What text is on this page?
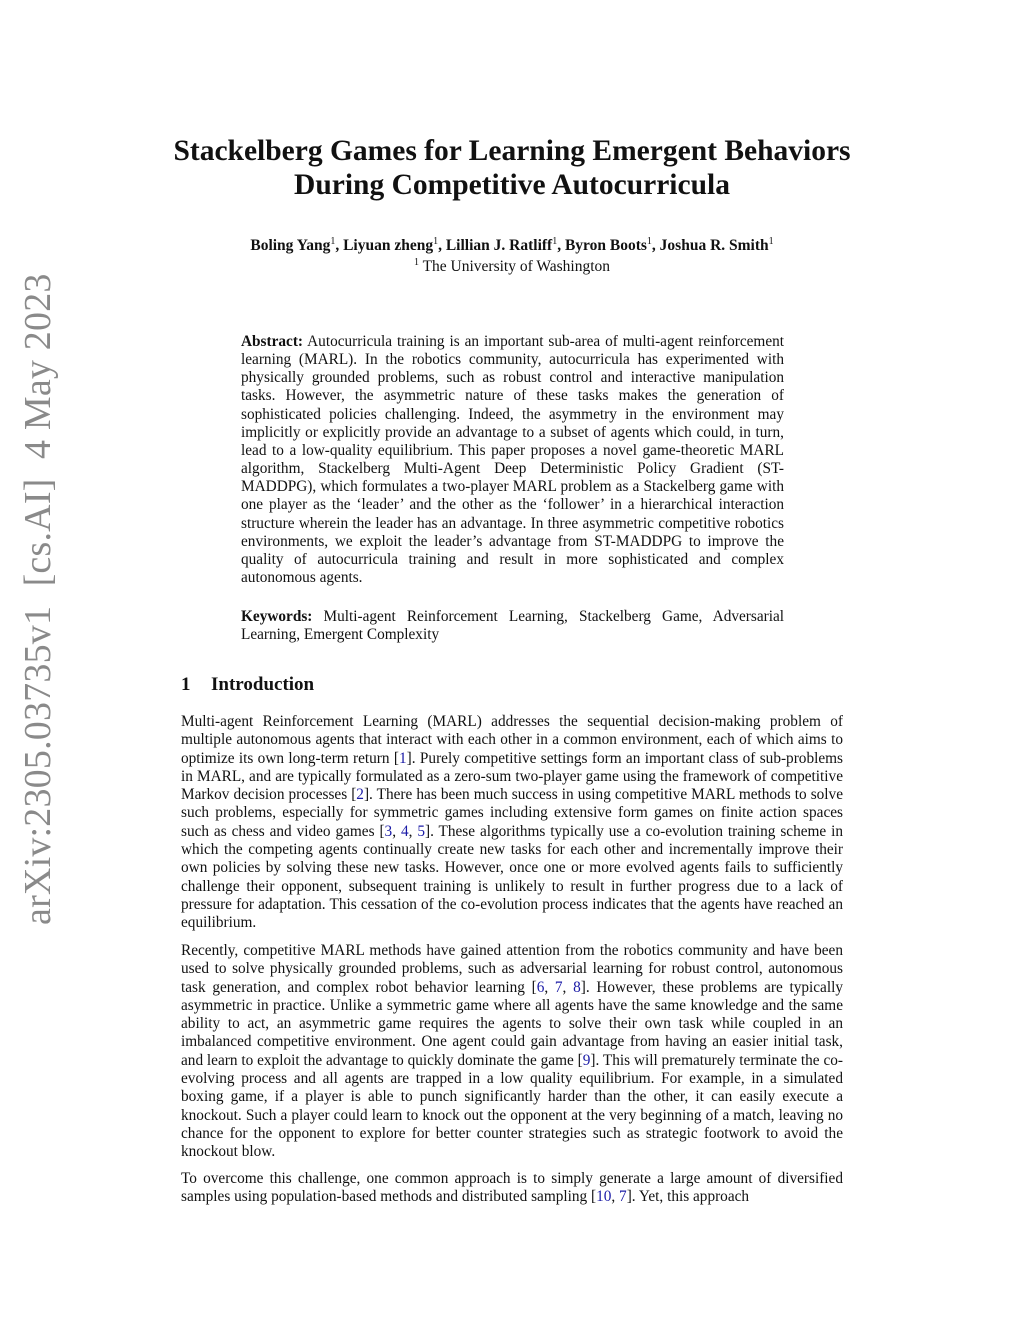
arXiv:2305.03735v1  [cs.AI]  4 May 2023
Stackelberg Games for Learning Emergent Behaviors
During Competitive Autocurricula
Boling Yang$^1$, Liyuan zheng$^1$, Lillian J. Ratliff$^1$, Byron Boots$^1$, Joshua R. Smith$^1$
$^1$ The University of Washington
Abstract: Autocurricula training is an important sub-area of multi-agent reinforcement learning (MARL). In the robotics community, autocurricula has experimented with physically grounded problems, such as robust control and interactive manipulation tasks. However, the asymmetric nature of these tasks makes the generation of sophisticated policies challenging. Indeed, the asymmetry in the environment may implicitly or explicitly provide an advantage to a subset of agents which could, in turn, lead to a low-quality equilibrium. This paper proposes a novel game-theoretic MARL algorithm, Stackelberg Multi-Agent Deep Deterministic Policy Gradient (ST-MADDPG), which formulates a two-player MARL problem as a Stackelberg game with one player as the ‘leader’ and the other as the ‘follower’ in a hierarchical interaction structure wherein the leader has an advantage. In three asymmetric competitive robotics environments, we exploit the leader’s advantage from ST-MADDPG to improve the quality of autocurricula training and result in more sophisticated and complex autonomous agents.
Keywords: Multi-agent Reinforcement Learning, Stackelberg Game, Adversarial Learning, Emergent Complexity
1 Introduction

Multi-agent Reinforcement Learning (MARL) addresses the sequential decision-making problem of multiple autonomous agents that interact with each other in a common environment, each of which aims to optimize its own long-term return [1]. Purely competitive settings form an important class of sub-problems in MARL, and are typically formulated as a zero-sum two-player game using the framework of competitive Markov decision processes [2]. There has been much success in using competitive MARL methods to solve such problems, especially for symmetric games including extensive form games on finite action spaces such as chess and video games [3, 4, 5]. These algorithms typically use a co-evolution training scheme in which the competing agents continually create new tasks for each other and incrementally improve their own policies by solving these new tasks. However, once one or more evolved agents fails to sufficiently challenge their opponent, subsequent training is unlikely to result in further progress due to a lack of pressure for adaptation. This cessation of the co-evolution process indicates that the agents have reached an equilibrium.

Recently, competitive MARL methods have gained attention from the robotics community and have been used to solve physically grounded problems, such as adversarial learning for robust control, autonomous task generation, and complex robot behavior learning [6, 7, 8]. However, these problems are typically asymmetric in practice. Unlike a symmetric game where all agents have the same knowledge and the same ability to act, an asymmetric game requires the agents to solve their own task while coupled in an imbalanced competitive environment. One agent could gain advantage from having an easier initial task, and learn to exploit the advantage to quickly dominate the game [9]. This will prematurely terminate the co-evolving process and all agents are trapped in a low quality equilibrium. For example, in a simulated boxing game, if a player is able to punch significantly harder than the other, it can easily execute a knockout. Such a player could learn to knock out the opponent at the very beginning of a match, leaving no chance for the opponent to explore for better counter strategies such as strategic footwork to avoid the knockout blow.

To overcome this challenge, one common approach is to simply generate a large amount of diversified samples using population-based methods and distributed sampling [10, 7]. Yet, this approach
